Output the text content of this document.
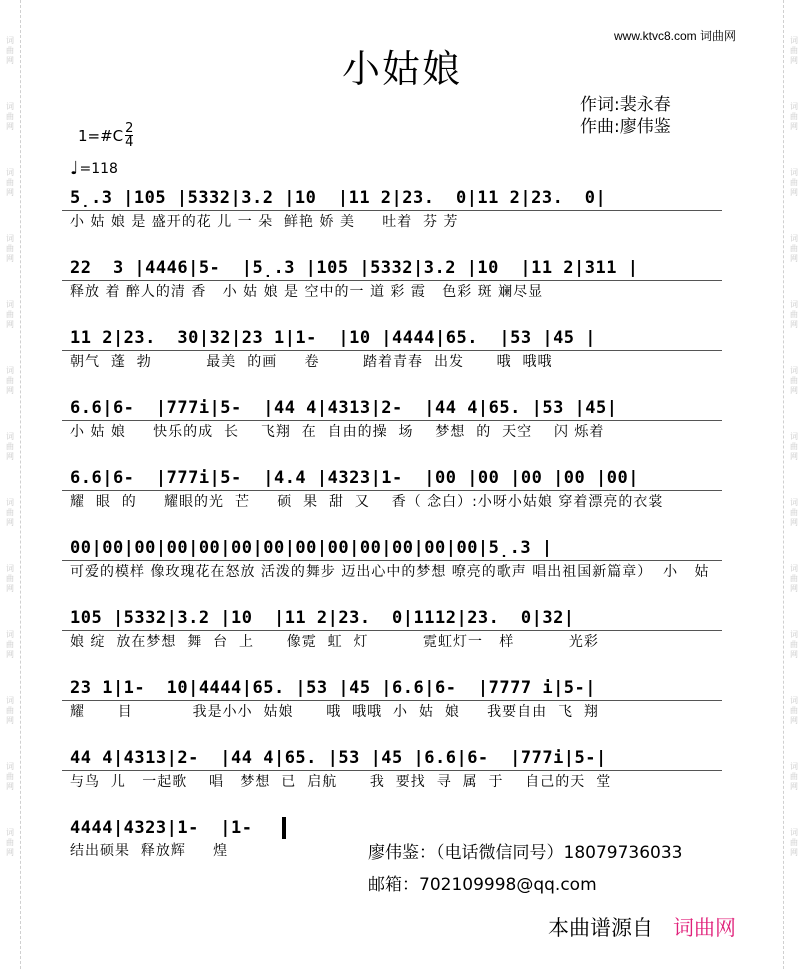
词
曲
网
词
曲
网
词
曲
网
词
曲
网
词
曲
网
词
曲
网
词
曲
网
词
曲
网
词
曲
网
词
曲
网
词
曲
网
词
曲
网
词
曲
网
词
曲
网
词
曲
网
词
曲
网
词
曲
网
词
曲
网
词
曲
网
词
曲
网
词
曲
网
词
曲
网
词
曲
网
词
曲
网
词
曲
网
词
曲
网
www.ktvc8.com 词曲网
小姑娘
作词:裴永春
作曲:廖伟鉴
1=#C $\frac{2}{4}$
♩ =118
5̣.3 |105 |5332|3.2 |10  |11 2|23.  0|11 2|23.  0|
小 姑 娘 是 盛开的花 儿 一 朵  鲜艳 娇 美     吐着  芬 芳
22  3 |4446|5-  |5̣.3 |105 |5332|3.2 |10  |11 2|311 |
释放 着 醉人的清 香   小 姑 娘 是 空中的一 道 彩 霞   色彩 斑 斓尽显
11 2|23.  30|32|23 1|1-  |10 |4444|65.  |53 |45 |
朝气  蓬  勃          最美  的画     卷        踏着青春  出发      哦  哦哦
6.6|6-  |777i|5-  |44 4|4313|2-  |44 4|65. |53 |45|
小 姑 娘     快乐的成  长    飞翔  在  自由的操  场    梦想  的  天空    闪 烁着
6.6|6-  |777i|5-  |4.4 |4323|1-  |00 |00 |00 |00 |00|
耀  眼  的     耀眼的光  芒     硕  果  甜  又    香（ 念白）:小呀小姑娘 穿着漂亮的衣裳
00|00|00|00|00|00|00|00|00|00|00|00|00|5̣.3 |
可爱的模样 像玫瑰花在怒放 活泼的舞步 迈出心中的梦想 嘹亮的歌声 唱出祖国新篇章）  小   姑
105 |5332|3.2 |10  |11 2|23.  0|1112|23.  0|32|
娘 绽  放在梦想  舞  台  上      像霓  虹  灯          霓虹灯一   样          光彩
23 1|1-  10|4444|65. |53 |45 |6.6|6-  |7777 i|5-|
耀      目           我是小小  姑娘      哦  哦哦  小  姑  娘     我要自由  飞  翔
44 4|4313|2-  |44 4|65. |53 |45 |6.6|6-  |777i|5-|
与鸟  儿   一起歌    唱   梦想  已  启航      我  要找  寻  属  于    自己的天  堂
4444|4323|1-  |1-
结出硕果  释放辉     煌	廖伟鉴：（电话微信同号）18079736033
邮箱：702109998@qq.com
本曲谱源自 词曲网
